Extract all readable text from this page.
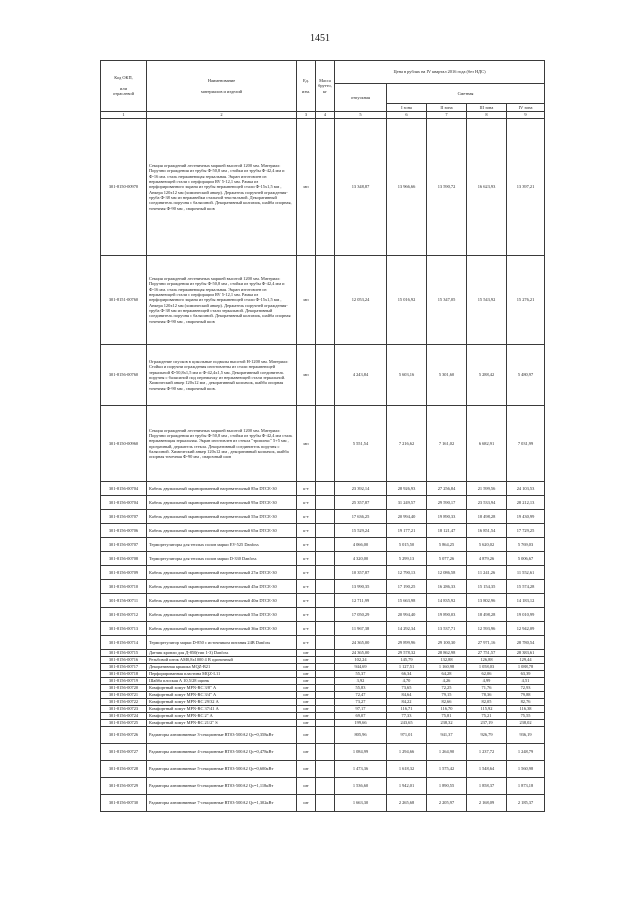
1451
Код ОКП,

или
отраслевой	Наименование

материалов и изделий	Ед.

изм.	Масса
брутто,
кг	Цена в рублях на IV квартал 2016 года (без НДС)				
				отпускная	Сметная			
					I зона	II зона	III зона	IV зона
1	2	3	4	5	6	7	8	9
301-8150-00970	Секция ограждений лестничных маршей высотой 1200 мм. Материал: Поручни ограждения из трубы Ф-50,8 мм , стойки из трубы Ф-42,4 мм и Ф-16 мм. сталь нержавеющая зеркальная. Экран изготовлен из нержавеющей стали с перфорации RV 5-12,1 мм. Рамка из перфорированного экрана из трубы нержавеющей стали Ф-15х1,5 мм , Анкера 120х12 мм (химический анкер). Держатель поручней ограждения-труба Ф-38 мм из нержавейки стальной текстильной. Декоративный соединитель поручня с балясиной. Декоративный колпачок, шайба опорная, точечная Ф-90 мм , сварочный шов	мп		13 348,87	13 966,66	13 590,72	16 623,93	13 397,21
301-8151-00760	Секция ограждений лестничных маршей высотой 1200 мм. Материал: Поручни ограждения из трубы Ф-50,8 мм , стойки из трубы Ф-42,4 мм и Ф-16 мм. сталь нержавеющая зеркальная. Экран изготовлен из нержавеющей стали с перфорации RV 5-12,1 мм. Рамка из перфорированного экрана из трубы нержавеющей стали Ф-15х1,5 мм , Анкера 120х12 мм (химический анкер). Держатель поручней ограждения-труба Ф-38 мм из нержавеющей стали зеркальной. Декоративный соединитель поручня с балясиной. Декоративный колпачок, шайба опорная точечная Ф-90 мм , сварочный шов	мп		12 053,24	15 016,92	15 347,05	15 543,92	15 276,21
301-8156-00760	Ограждение спусков в цокольные подвалы высотой Н-1200 мм. Материал: Стойки и поручни ограждения изготовлены из стали нержавеющей зеркальной Ф-50,8х1,5 мм и Ф-42,4х1,5 мм. Декоративный соединитель поручня с балясиной под перемычку из нержавеющей стали зеркальной. Химический анкер 120х12 мм , декоративный колпачок, шайба опорная точечная Ф-90 мм , сварочный шов.	мп		4 243,84	5 603,16	5 301,60	5 288,42	5 480,97
301-8150-00960	Секция ограждений лестничных маршей высотой 1200 мм. Материал: Поручни ограждения из трубы Ф-50,8 мм , стойки из трубы Ф-42,4 мм сталь нержавеющая зеркальная. Экран изготовлен из стекла "триплекс" 5+5 мм , прозрачный, держатель стекла. Декоративный соединитель поручня с балясиной. Химический анкер 120х12 мм , декоративный колпачок, шайба опорная точечная Ф-90 мм , сварочный шов	мп		5 551,54	7 216,62	7 161,02	6 682,91	7 031,99
301-8156-00704	Кабель двужильный экранированный нагревательный 85м DTCE-30	к-т		23 392,14	28 926,93	27 256,84	21 599,56	24 103,53
301-8156-00704	Кабель двужильный экранированный нагревательный 95м DTCE-30	к-т		25 357,87	31 249,57	29 590,17	23 533,94	28 212,13
301-8156-00707	Кабель двужильный экранированный нагревательный 55м DTCE-30	к-т		17 636,25	20 994,40	19 890,33	18 498,28	19 430,99
301-8156-00706	Кабель двужильный экранированный нагревательный 65м DTCE-30	к-т		15 529,24	19 177,21	18 121,47	16 851,54	17 729,25
301-8156-00707	Терморегуляторы для теплых полов марки EV-525 Danfoss	к-т		4 066,00	5 015,50	5 864,25	5 620,02	5 769,03
301-8156-00708	Терморегуляторы для теплых полов марки D-330 Danfoss	к-т		4 320,00	5 299,13	5 077,26	4 879,26	5 006,67
301-8156-00709	Кабель двужильный экранированный нагревательный 27м DTCE-30	к-т		10 357,87	12 790,13	12 086,58	11 241,26	11 552,61
301-8156-00710	Кабель двужильный экранированный нагревательный 45м DTCE-30	к-т		13 990,35	17 190,25	16 286,33	15 154,35	15 574,28
301-8156-00711	Кабель двужильный экранированный нагревательный 40м DTCE-30	к-т		12 711,99	15 663,98	14 835,92	13 802,96	14 183,12
301-8156-00712	Кабель двужильный экранированный нагревательный 55м DTCE-30	к-т		17 050,29	20 994,40	19 890,03	18 498,28	19 010,99
301-8156-00713	Кабель двужильный экранированный нагревательный 36м DTCE-30	к-т		11 967,38	14 292,34	13 537,71	12 593,96	12 942,09
301-8156-00714	Терморегулятор марки D-850 с источником питания 24В Danfoss	к-т		24 365,00	29 899,96	29 100,30	27 971,16	28 780,54
301-8156-00715	Датчик кровли для Д-850(тип 1-3) Danfoss	шт		24 365,00	29 578,32	28 862,98	27 751,57	28 383,61
301-8156-00716	Резьбовой шток АМ0,8х1000 4 В одиночный	шт		102,24	145,79	132,88	126,88	129,44
301-8156-00717	Декоративная крышка MQZ-B21	шт		944,69	1 127,51	1 160,98	1 058,03	1 088,78
301-8156-00718	Перфорированная пластина MQZ-L11	шт		55,37	66,34	64,28	62,06	63,39
301-8156-00719	Шайба плоская А 10,5/28 оцинк	шт		3,92	4,70	4,26	4,99	4,51
301-8156-00720	Комфортный хомут MPN-RC 3/8" А	шт		55,83	73,65	72,25	71,76	72,93
301-8156-00721	Комфортный хомут MPN-RC 3/4" А	шт		72,47	84,64	79,15	78,36	79,88
301-8156-00722	Комфортный хомут MPN-RC 29/32 А	шт		73,27	84,22	82,66	82,05	82,76
301-8156-00723	Комфортный хомут MPN-RC 37/41 А	шт		97,17	116,71	116,70	115,92	116,38
301-8156-00724	Комфортный хомут MPN-RC 2" А	шт		69,07	77,33	75,81	75,21	75,55
301-8156-00725	Комфортный хомут MPN-RC 21/2" S	шт		199,66	243,65	238,32	237,19	238,02
301-8156-00726	Радиаторы алюминиевые 3-секционные RT03-500А2 Qс=0,358кВт	шт		805,96	971,01	941,37	926,79	936,19
301-8156-00727	Радиаторы алюминиевые 4-секционные RT03-500А2 Qс=0,478кВт	шт		1 084,99	1 294,66	1 264,90	1 237,72	1 248,79
301-8156-00728	Радиаторы алюминиевые 5-секционные RT03-500А2 Qс=0,600кВт	шт		1 473,36	1 618,32	1 575,42	1 548,64	1 560,98
301-8156-00729	Радиаторы алюминиевые 6-секционные RT03-500А2 Qс=1,118кВт	шт		1 536,60	1 942,01	1 890,55	1 858,37	1 873,18
301-8156-00730	Радиаторы алюминиевые 7-секционные RT03-500А2 Qс=1,302кВт	шт		1 663,30	2 265,68	2 205,97	2 168,09	2 185,37
